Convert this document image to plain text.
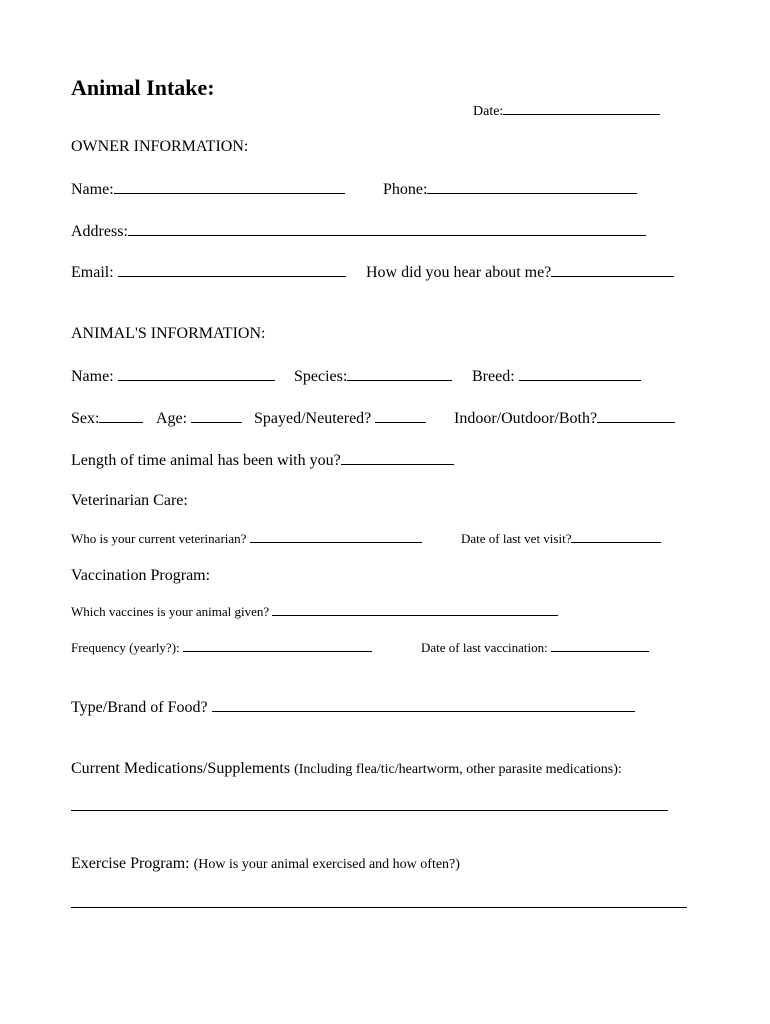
Animal Intake:
Date:
OWNER INFORMATION:
Name:	Phone:
Address:
Email:	How did you hear about me?
ANIMAL'S INFORMATION:
Name:	Species:	Breed:
Sex:	Age:	Spayed/Neutered?	Indoor/Outdoor/Both?
Length of time animal has been with you?
Veterinarian Care:
Who is your current veterinarian?	Date of last vet visit?
Vaccination Program:
Which vaccines is your animal given?
Frequency (yearly?):	Date of last vaccination:
Type/Brand of Food?
Current Medications/Supplements (Including flea/tic/heartworm, other parasite medications):
Exercise Program: (How is your animal exercised and how often?)
